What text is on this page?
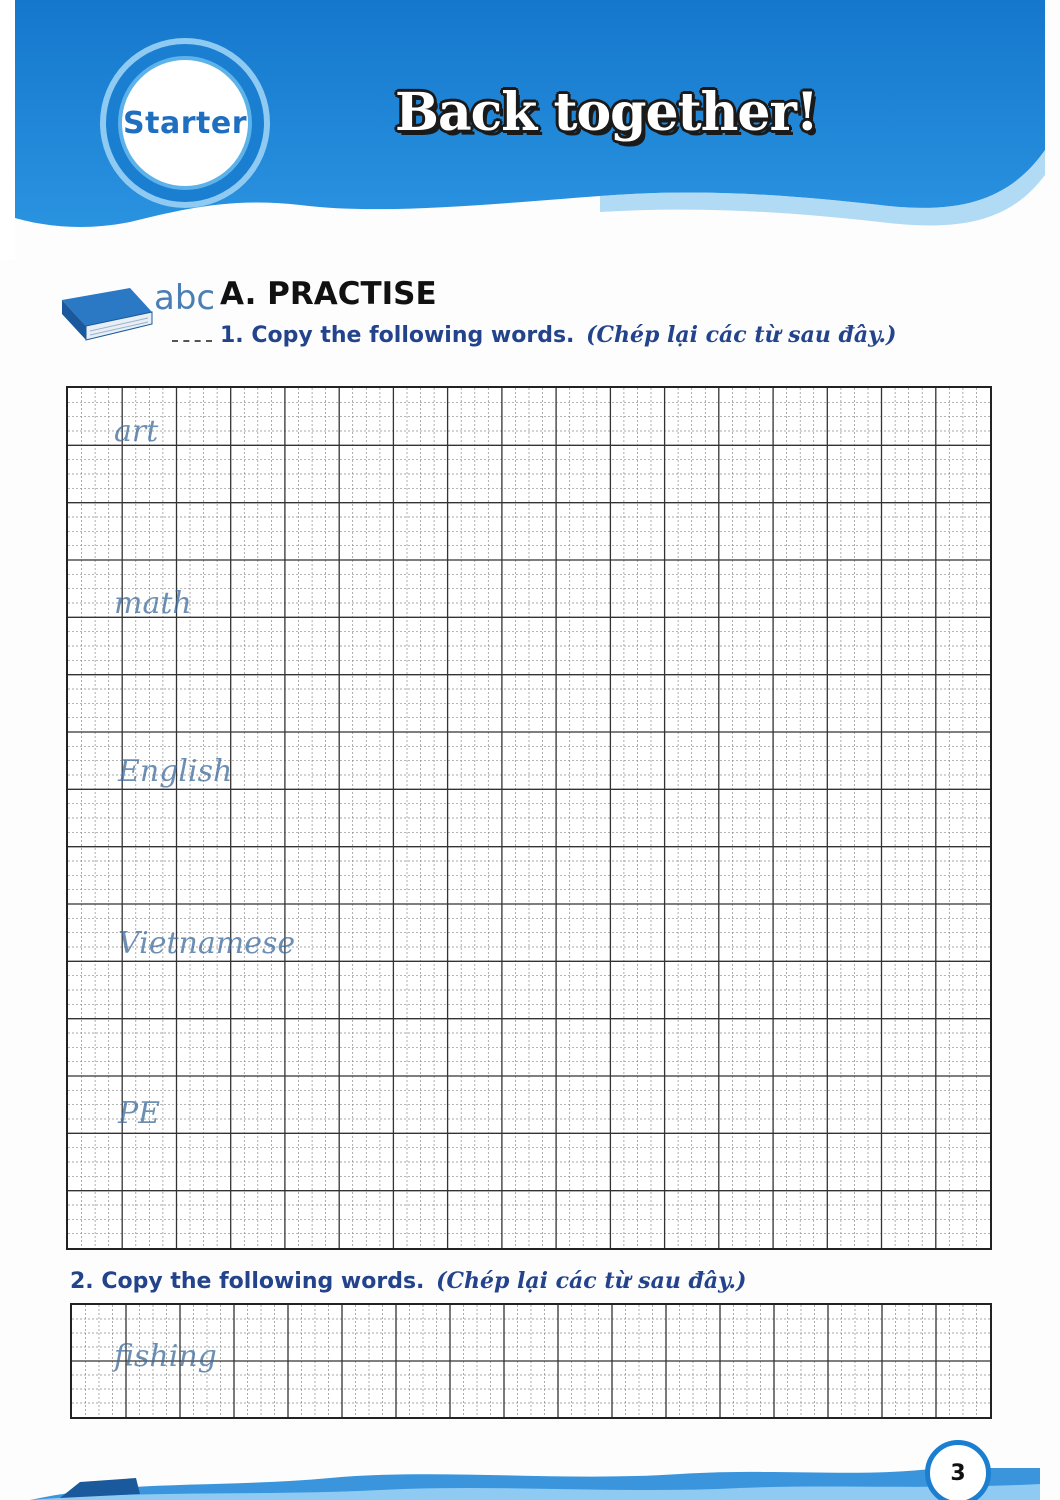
Starter	Back together!
abc A. PRACTISE
1. Copy the following words. (Chép lại các từ sau đây.)
art
math
English
Vietnamese
PE
2. Copy the following words. (Chép lại các từ sau đây.)
fishing
3
